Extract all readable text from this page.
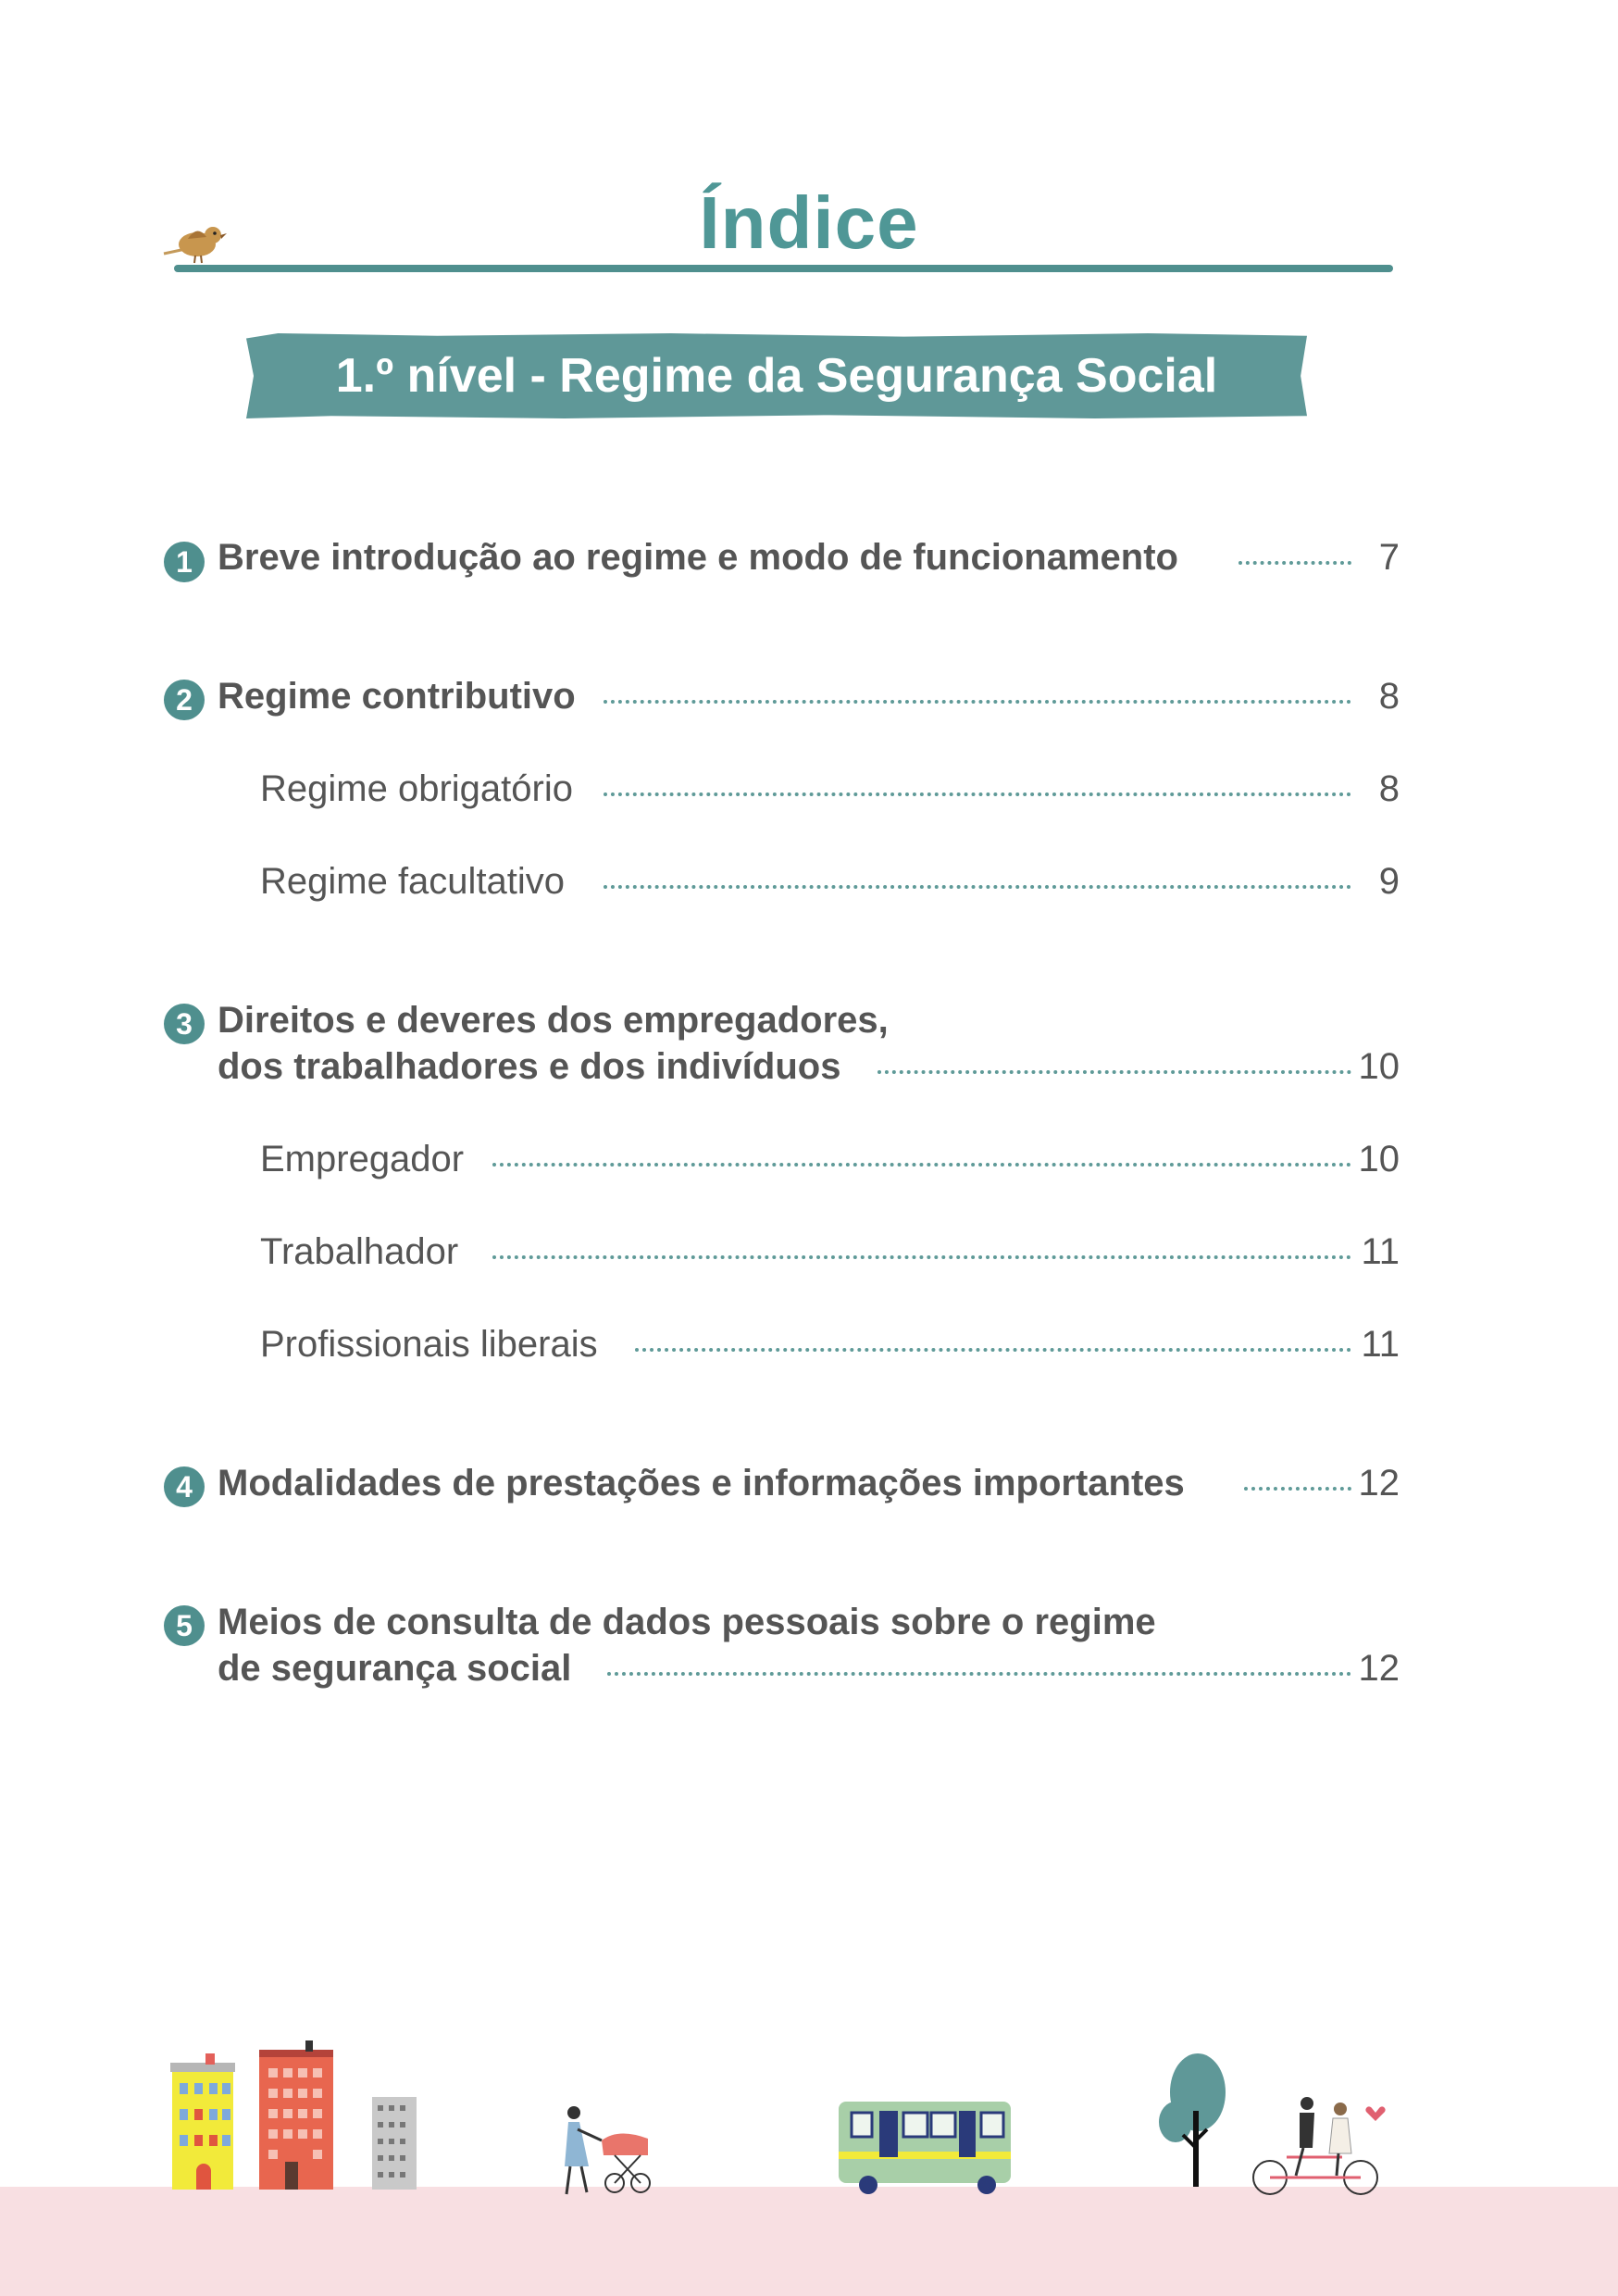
Índice
1.º nível - Regime da Segurança Social
1 Breve introdução ao regime e modo de funcionamento	7
2 Regime contributivo	8
Regime obrigatório	8
Regime facultativo	9
3 Direitos e deveres dos empregadores,
dos trabalhadores e dos indivíduos	10
Empregador	10
Trabalhador	11
Profissionais liberais	11
4 Modalidades de prestações e informações importantes	12
5 Meios de consulta de dados pessoais sobre o regime
de segurança social	12
